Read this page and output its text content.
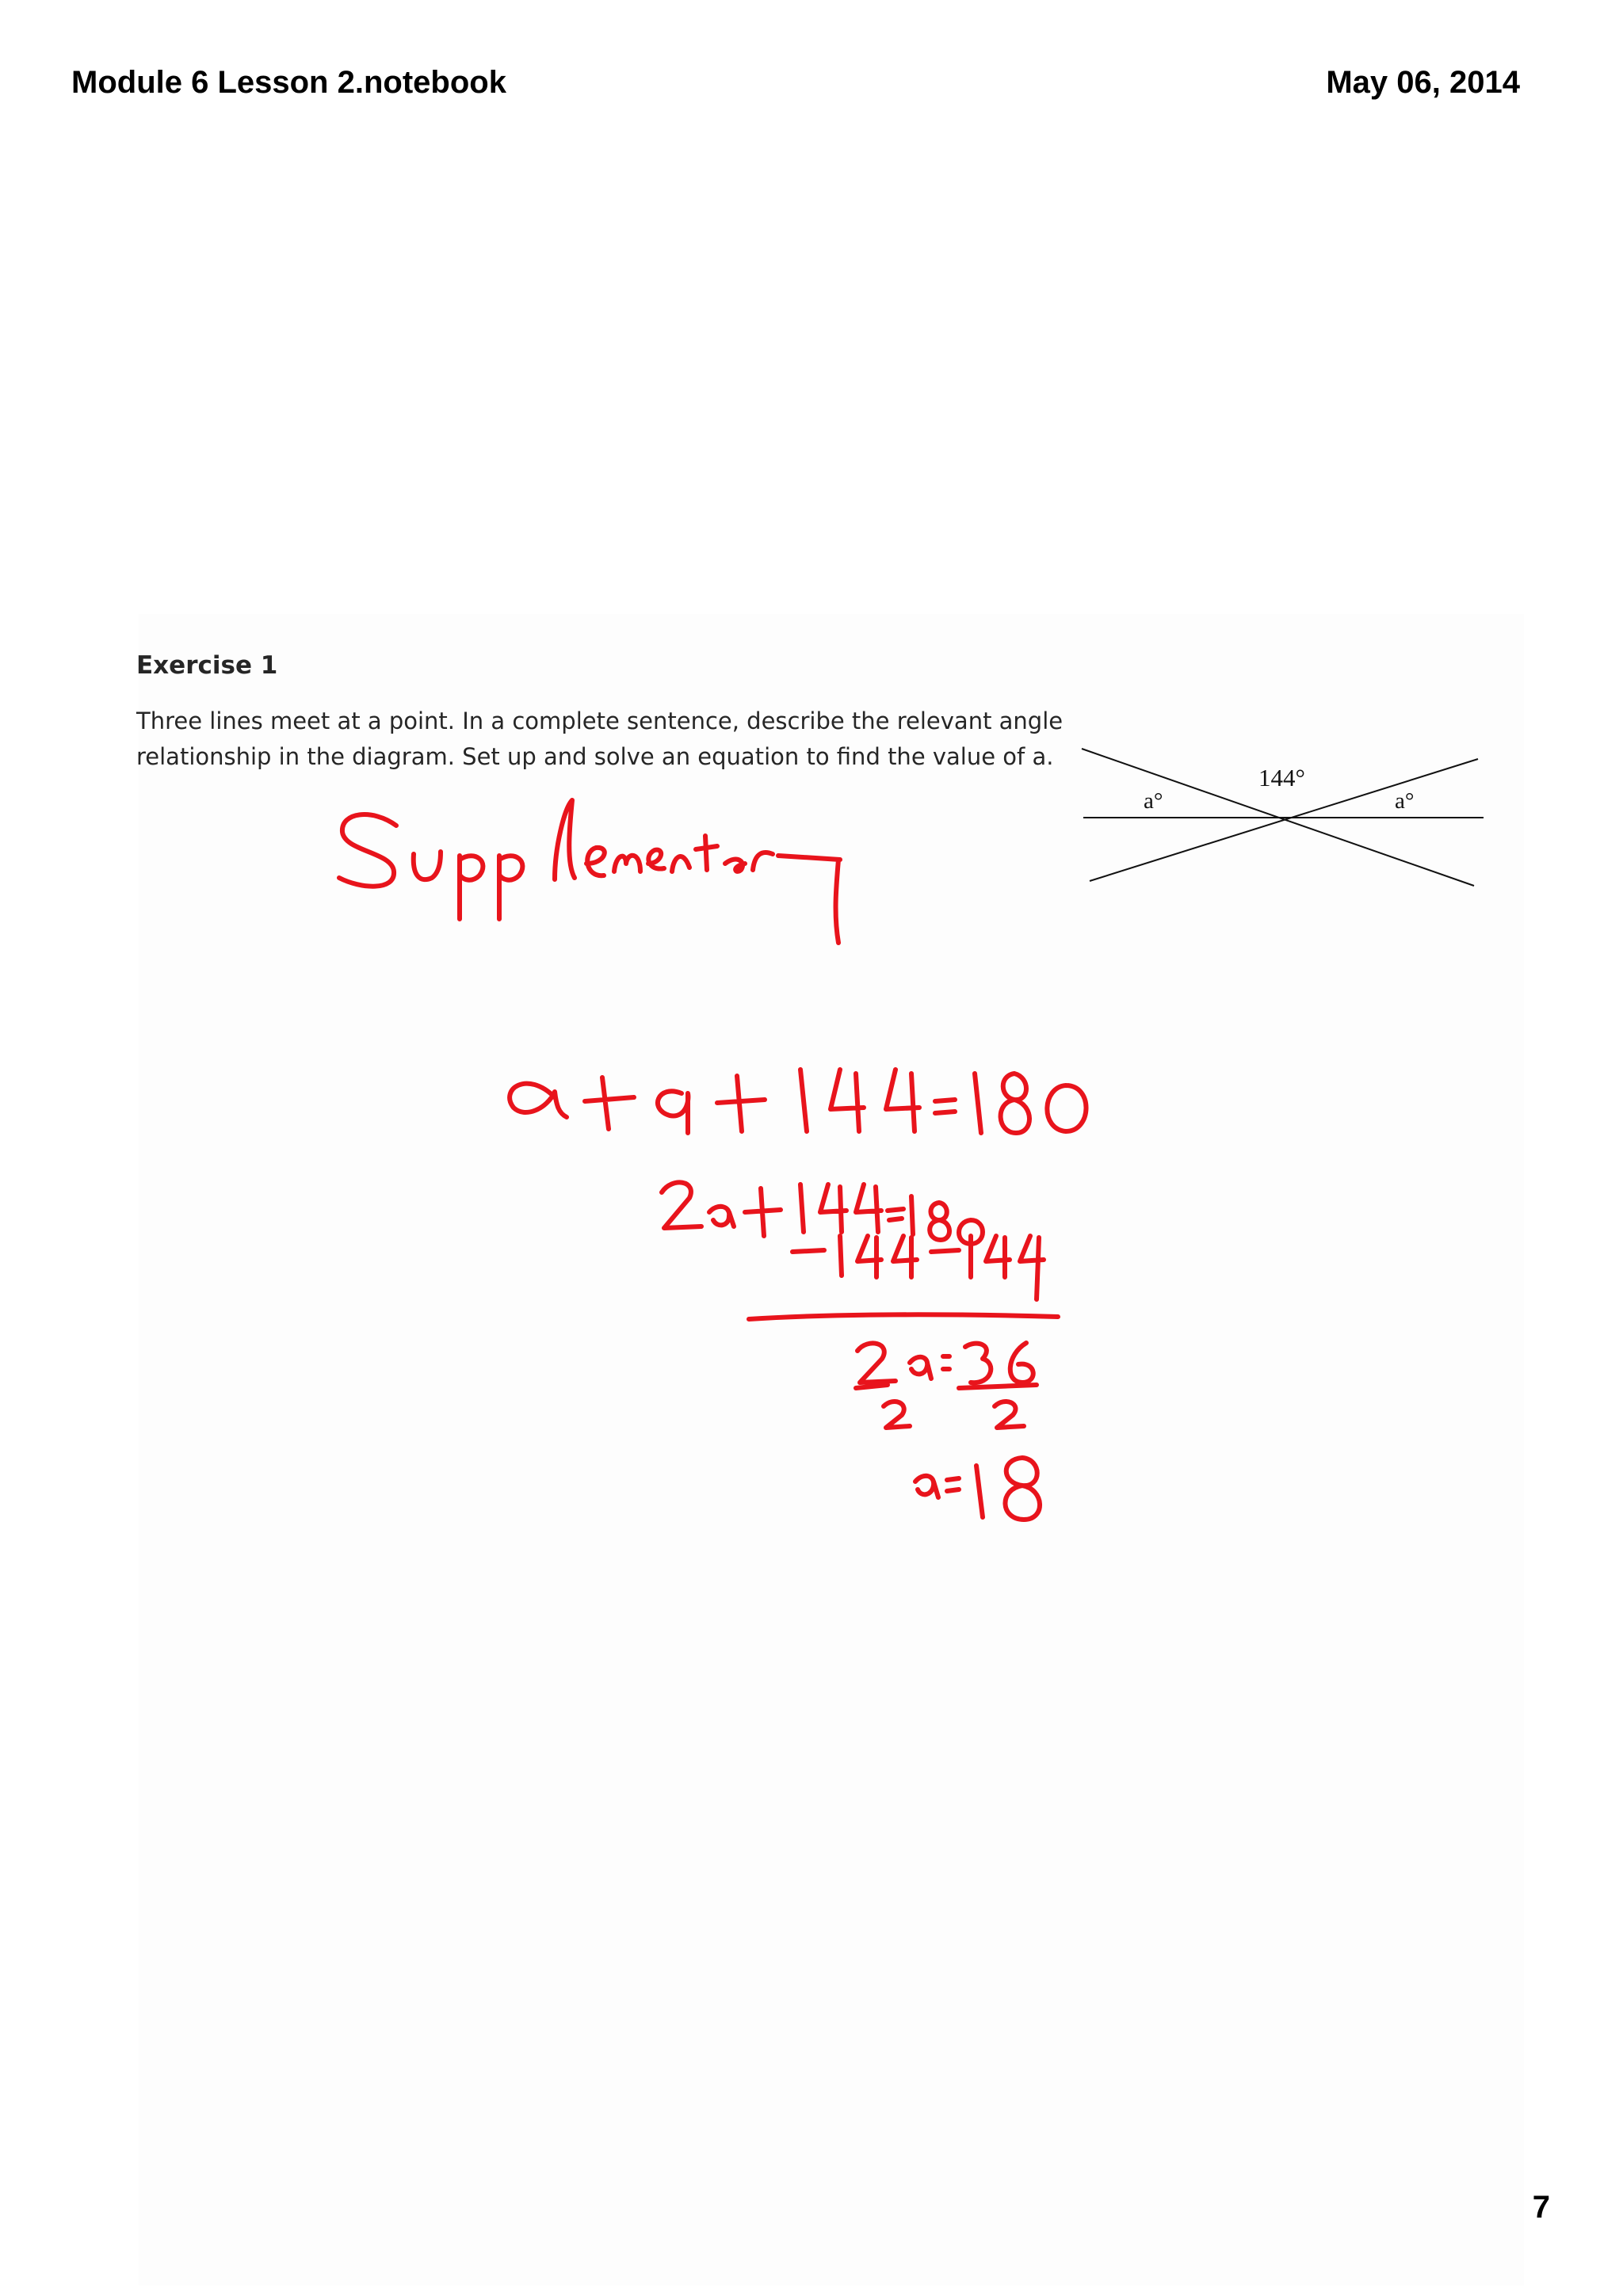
Module 6 Lesson 2.notebook	May 06, 2014
Exercise 1
Three lines meet at a point. In a complete sentence, describe the relevant angle
relationship in the diagram. Set up and solve an equation to find the value of a.
144°
a°	a°
7
